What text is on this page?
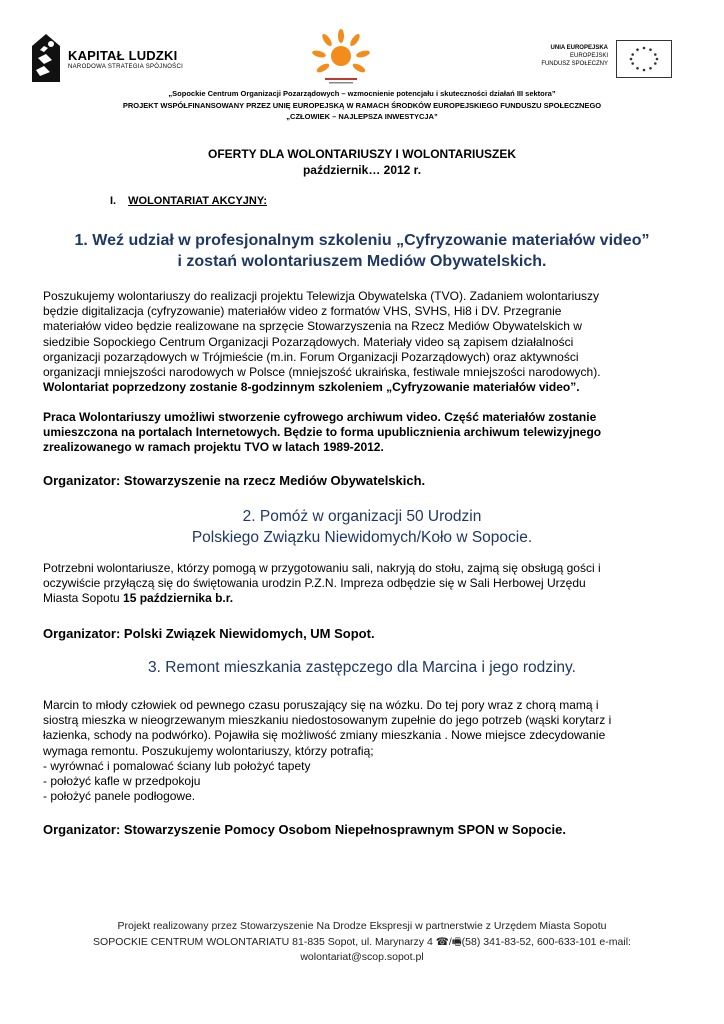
KAPITAŁ LUDZKI
NARODOWA STRATEGIA SPÓJNOŚCI
UNIA EUROPEJSKA
EUROPEJSKI
FUNDUSZ SPOŁECZNY
„Sopockie Centrum Organizacji Pozarządowych – wzmocnienie potencjału i skuteczności działań III sektora”
PROJEKT WSPÓŁFINANSOWANY PRZEZ UNIĘ EUROPEJSKĄ W RAMACH ŚRODKÓW EUROPEJSKIEGO FUNDUSZU SPOŁECZNEGO
„CZŁOWIEK – NAJLEPSZA INWESTYCJA”
OFERTY DLA WOLONTARIUSZY I WOLONTARIUSZEK
październik… 2012 r.
I. WOLONTARIAT AKCYJNY:
1. Weź udział w profesjonalnym szkoleniu „Cyfryzowanie materiałów video”
i zostań wolontariuszem Mediów Obywatelskich.
Poszukujemy wolontariuszy do realizacji projektu Telewizja Obywatelska (TVO). Zadaniem wolontariuszy
będzie digitalizacja (cyfryzowanie) materiałów video z formatów VHS, SVHS, Hi8 i DV. Przegranie
materiałów video będzie realizowane na sprzęcie Stowarzyszenia na Rzecz Mediów Obywatelskich w
siedzibie Sopockiego Centrum Organizacji Pozarządowych. Materiały video są zapisem działalności
organizacji pozarządowych w Trójmieście (m.in. Forum Organizacji Pozarządowych) oraz aktywności
organizacji mniejszości narodowych w Polsce (mniejszość ukraińska, festiwale mniejszości narodowych).
Wolontariat poprzedzony zostanie 8-godzinnym szkoleniem „Cyfryzowanie materiałów video”.
Praca Wolontariuszy umożliwi stworzenie cyfrowego archiwum video. Część materiałów zostanie
umieszczona na portalach Internetowych. Będzie to forma upublicznienia archiwum telewizyjnego
zrealizowanego w ramach projektu TVO w latach 1989-2012.
Organizator: Stowarzyszenie na rzecz Mediów Obywatelskich.
2. Pomóż w organizacji 50 Urodzin
Polskiego Związku Niewidomych/Koło w Sopocie.
Potrzebni wolontariusze, którzy pomogą w przygotowaniu sali, nakryją do stołu, zajmą się obsługą gości i
oczywiście przyłączą się do świętowania urodzin P.Z.N. Impreza odbędzie się w Sali Herbowej Urzędu
Miasta Sopotu 15 października b.r.
Organizator: Polski Związek Niewidomych, UM Sopot.
3. Remont mieszkania zastępczego dla Marcina i jego rodziny.
Marcin to młody człowiek od pewnego czasu poruszający się na wózku. Do tej pory wraz z chorą mamą i
siostrą mieszka w nieogrzewanym mieszkaniu niedostosowanym zupełnie do jego potrzeb (wąski korytarz i
łazienka, schody na podwórko). Pojawiła się możliwość zmiany mieszkania . Nowe miejsce zdecydowanie
wymaga remontu. Poszukujemy wolontariuszy, którzy potrafią;
- wyrównać i pomalować ściany lub położyć tapety
- położyć kafle w przedpokoju
- położyć panele podłogowe.
Organizator: Stowarzyszenie Pomocy Osobom Niepełnosprawnym SPON w Sopocie.
Projekt realizowany przez Stowarzyszenie Na Drodze Ekspresji w partnerstwie z Urzędem Miasta Sopotu
SOPOCKIE CENTRUM WOLONTARIATU 81-835 Sopot, ul. Marynarzy 4 ☎/🖷(58) 341-83-52, 600-633-101 e-mail:
wolontariat@scop.sopot.pl
